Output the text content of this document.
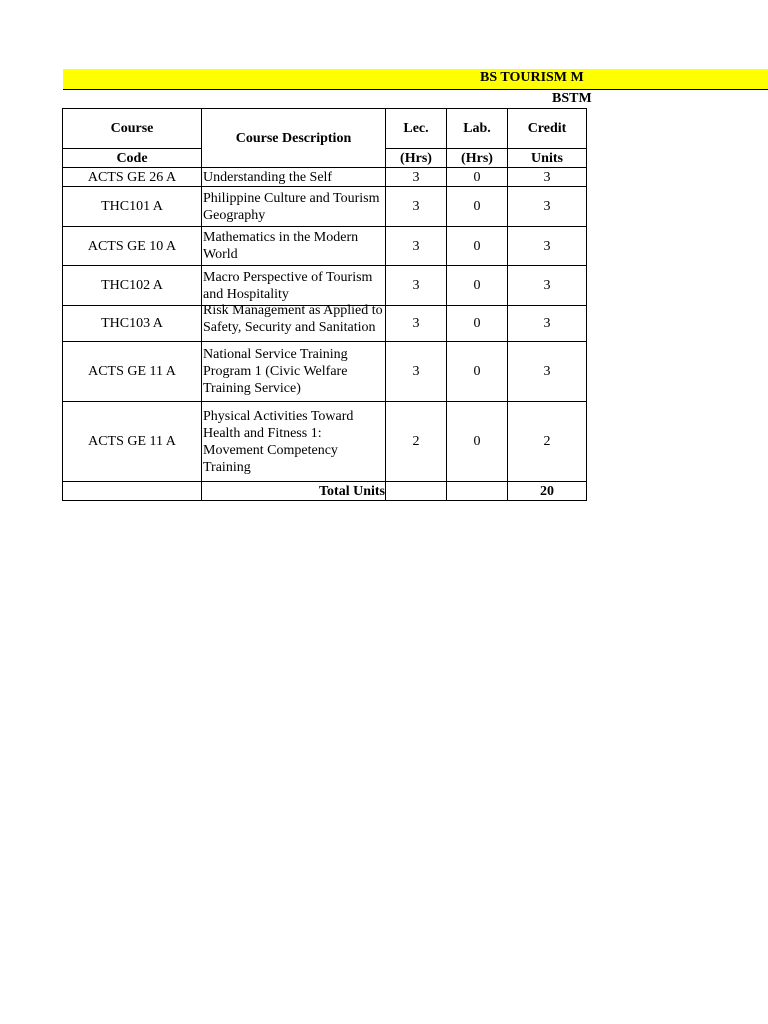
BS TOURISM M
BSTM
Course	Course Description	Lec.	Lab.	Credit
Code		(Hrs)	(Hrs)	Units
ACTS GE 26 A	Understanding the Self	3	0	3
THC101 A	Philippine Culture and Tourism Geography	3	0	3
ACTS GE 10 A	Mathematics in the Modern World	3	0	3
THC102 A	Macro Perspective of Tourism and Hospitality	3	0	3
THC103 A	Risk Management as Applied to Safety, Security and Sanitation	3	0	3
ACTS GE 11 A	National Service Training Program 1 (Civic Welfare Training Service)	3	0	3
ACTS GE 11 A	Physical Activities Toward Health and Fitness 1: Movement Competency Training	2	0	2
	Total Units			20
